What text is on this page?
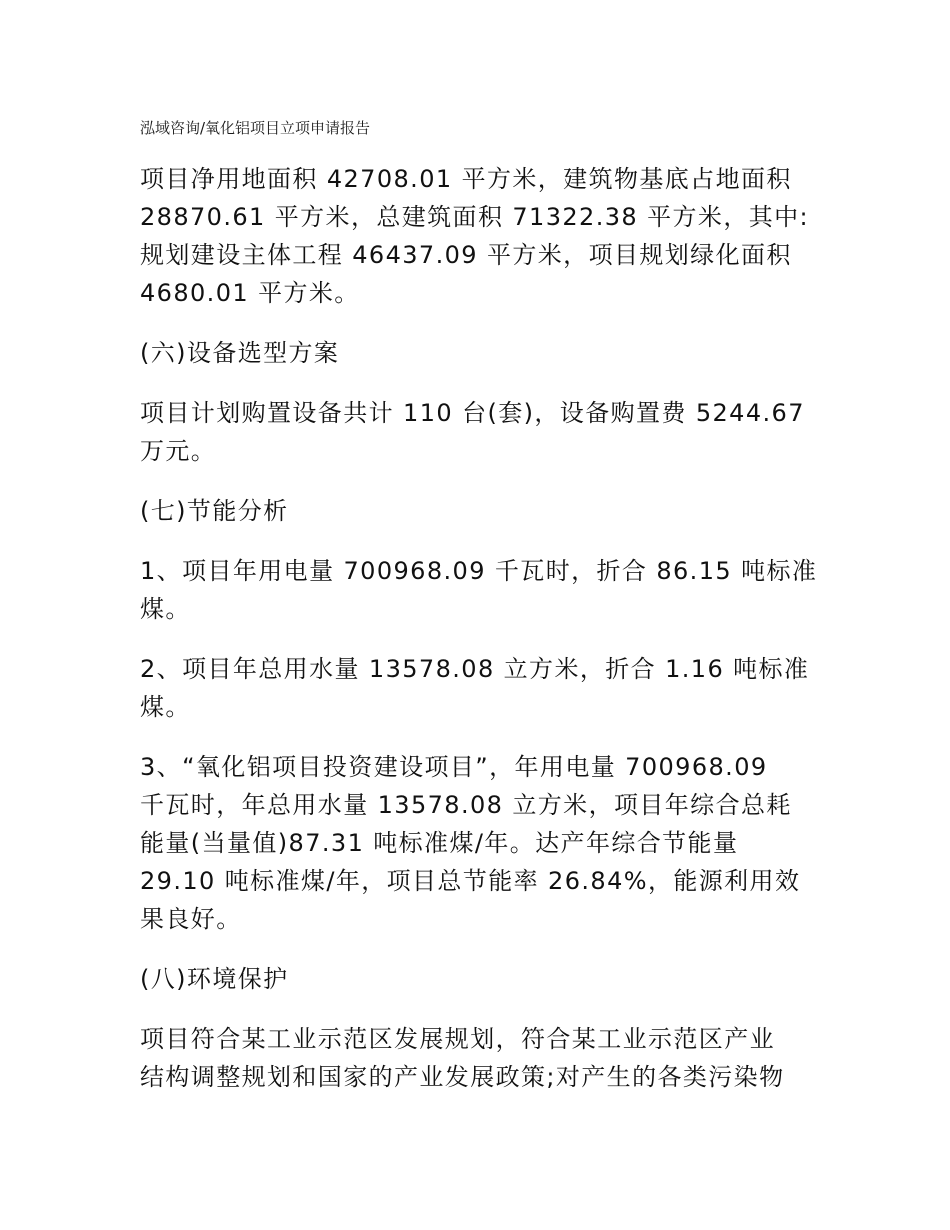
泓域咨询/氧化铝项目立项申请报告

项目净用地面积 42708.01 平方米，建筑物基底占地面积
28870.61 平方米，总建筑面积 71322.38 平方米，其中:
规划建设主体工程 46437.09 平方米，项目规划绿化面积
4680.01 平方米。

(六)设备选型方案

项目计划购置设备共计 110 台(套)，设备购置费 5244.67
万元。

(七)节能分析

1、项目年用电量 700968.09 千瓦时，折合 86.15 吨标准
煤。

2、项目年总用水量 13578.08 立方米，折合 1.16 吨标准
煤。

3、“氧化铝项目投资建设项目”，年用电量 700968.09
千瓦时，年总用水量 13578.08 立方米，项目年综合总耗
能量(当量值)87.31 吨标准煤/年。达产年综合节能量
29.10 吨标准煤/年，项目总节能率 26.84%，能源利用效
果良好。

(八)环境保护

项目符合某工业示范区发展规划，符合某工业示范区产业
结构调整规划和国家的产业发展政策;对产生的各类污染物
